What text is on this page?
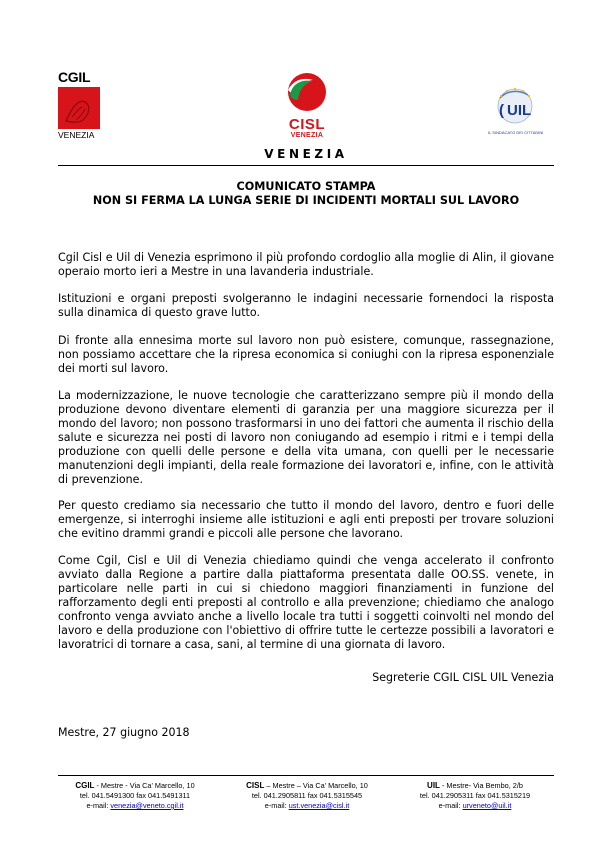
CGIL
VENEZIA
CISL
VENEZIA
UIL
(
IL SINDACATO DEI CITTADINI
VENEZIA
COMUNICATO STAMPA
NON SI FERMA LA LUNGA SERIE DI INCIDENTI MORTALI SUL LAVORO
Cgil Cisl e Uil di Venezia esprimono il più profondo cordoglio alla moglie di Alin, il giovane operaio morto ieri a Mestre in una lavanderia industriale.
Istituzioni e organi preposti svolgeranno le indagini necessarie fornendoci la risposta sulla dinamica di questo grave lutto.
Di fronte alla ennesima morte sul lavoro non può esistere, comunque, rassegnazione, non possiamo accettare che la ripresa economica si coniughi con la ripresa esponenziale dei morti sul lavoro.
La modernizzazione, le nuove tecnologie che caratterizzano sempre più il mondo della produzione devono diventare elementi di garanzia per una maggiore sicurezza per il mondo del lavoro; non possono trasformarsi in uno dei fattori che aumenta il rischio della salute e sicurezza nei posti di lavoro non coniugando ad esempio i ritmi e i tempi della produzione con quelli delle persone e della vita umana, con quelli per le necessarie manutenzioni degli impianti, della reale formazione dei lavoratori e, infine, con le attività di prevenzione.
Per questo crediamo sia necessario che tutto il mondo del lavoro, dentro e fuori delle emergenze, si interroghi insieme alle istituzioni e agli enti preposti per trovare soluzioni che evitino drammi grandi e piccoli alle persone che lavorano.
Come Cgil, Cisl e Uil di Venezia chiediamo quindi che venga accelerato il confronto avviato dalla Regione a partire dalla piattaforma presentata dalle OO.SS. venete, in particolare nelle parti in cui si chiedono maggiori finanziamenti in funzione del rafforzamento degli enti preposti al controllo e alla prevenzione; chiediamo che analogo confronto venga avviato anche a livello locale tra tutti i soggetti coinvolti nel mondo del lavoro e della produzione con l'obiettivo di offrire tutte le certezze possibili a lavoratori e lavoratrici di tornare a casa, sani, al termine di una giornata di lavoro.
Segreterie CGIL CISL UIL Venezia
Mestre, 27 giugno 2018
CGIL - Mestre - Via Ca' Marcello, 10
tel. 041.5491300 fax 041.5491311
e-mail: venezia@veneto.cgil.it
CISL – Mestre – Via Ca' Marcello, 10
tel. 041.2905811 fax 041.5315545
e-mail: ust.venezia@cisl.it
UIL - Mestre- Via Bembo, 2/b
tel. 041.2905311 fax 041.5315219
e-mail: urveneto@uil.it
